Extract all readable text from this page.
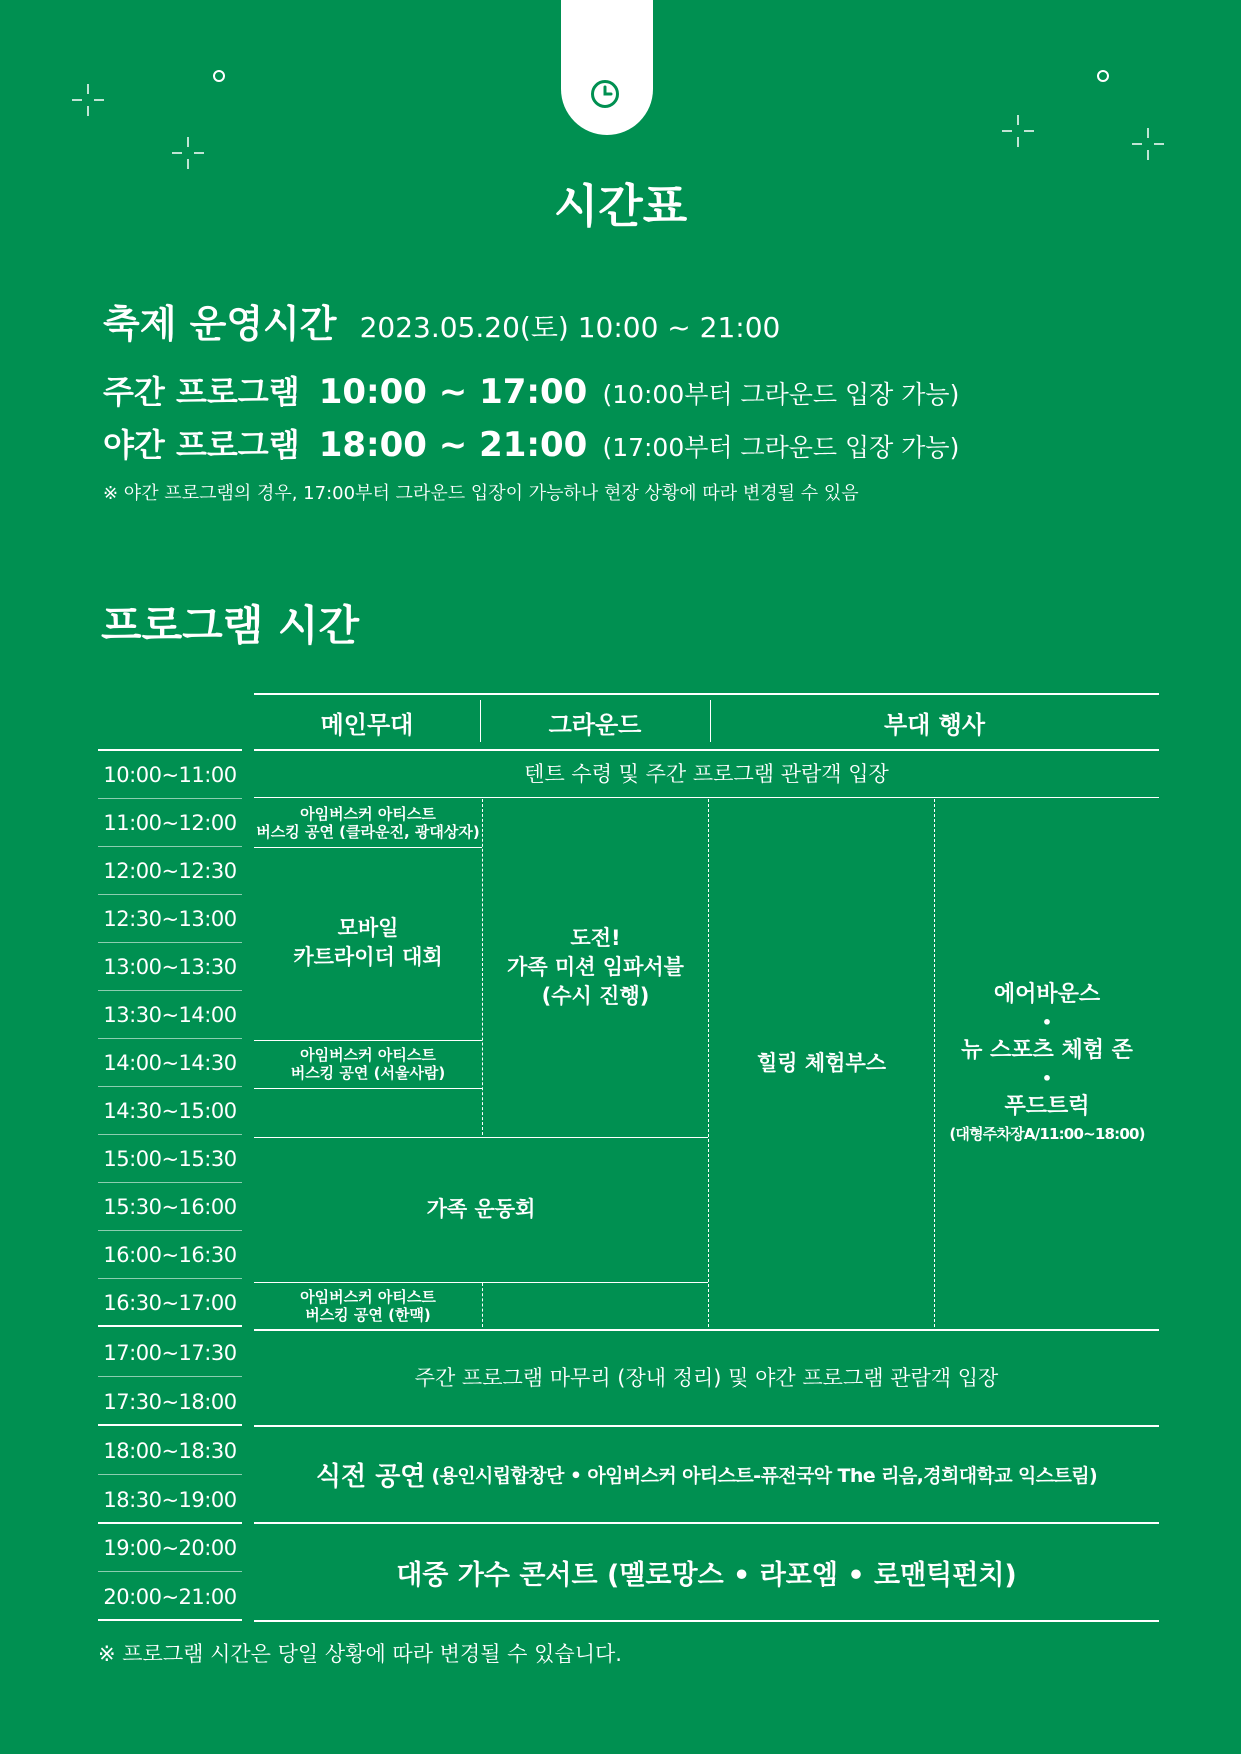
시간표
축제 운영시간 2023.05.20(토) 10:00 ~ 21:00
주간 프로그램 10:00 ~ 17:00 (10:00부터 그라운드 입장 가능)
야간 프로그램 18:00 ~ 21:00 (17:00부터 그라운드 입장 가능)
※ 야간 프로그램의 경우, 17:00부터 그라운드 입장이 가능하나 현장 상황에 따라 변경될 수 있음
프로그램 시간
메인무대	그라운드	부대 행사
10:00~11:00
11:00~12:00
12:00~12:30
12:30~13:00
13:00~13:30
13:30~14:00
14:00~14:30
14:30~15:00
15:00~15:30
15:30~16:00
16:00~16:30
16:30~17:00
17:00~17:30
17:30~18:00
18:00~18:30
18:30~19:00
19:00~20:00
20:00~21:00
텐트 수령 및 주간 프로그램 관람객 입장
아임버스커 아티스트
버스킹 공연 (클라운진, 광대상자)
모바일
카트라이더 대회
아임버스커 아티스트
버스킹 공연 (서울사람)
도전!
가족 미션 임파서블
(수시 진행)
가족 운동회
아임버스커 아티스트
버스킹 공연 (한맥)
힐링 체험부스
에어바운스
•
뉴 스포츠 체험 존
•
푸드트럭
(대형주차장A/11:00~18:00)
주간 프로그램 마무리 (장내 정리) 및 야간 프로그램 관람객 입장
식전 공연 (용인시립합창단 • 아임버스커 아티스트-퓨전국악 The 리음,경희대학교 익스트림)
대중 가수 콘서트 (멜로망스 • 라포엠 • 로맨틱펀치)
※ 프로그램 시간은 당일 상황에 따라 변경될 수 있습니다.
